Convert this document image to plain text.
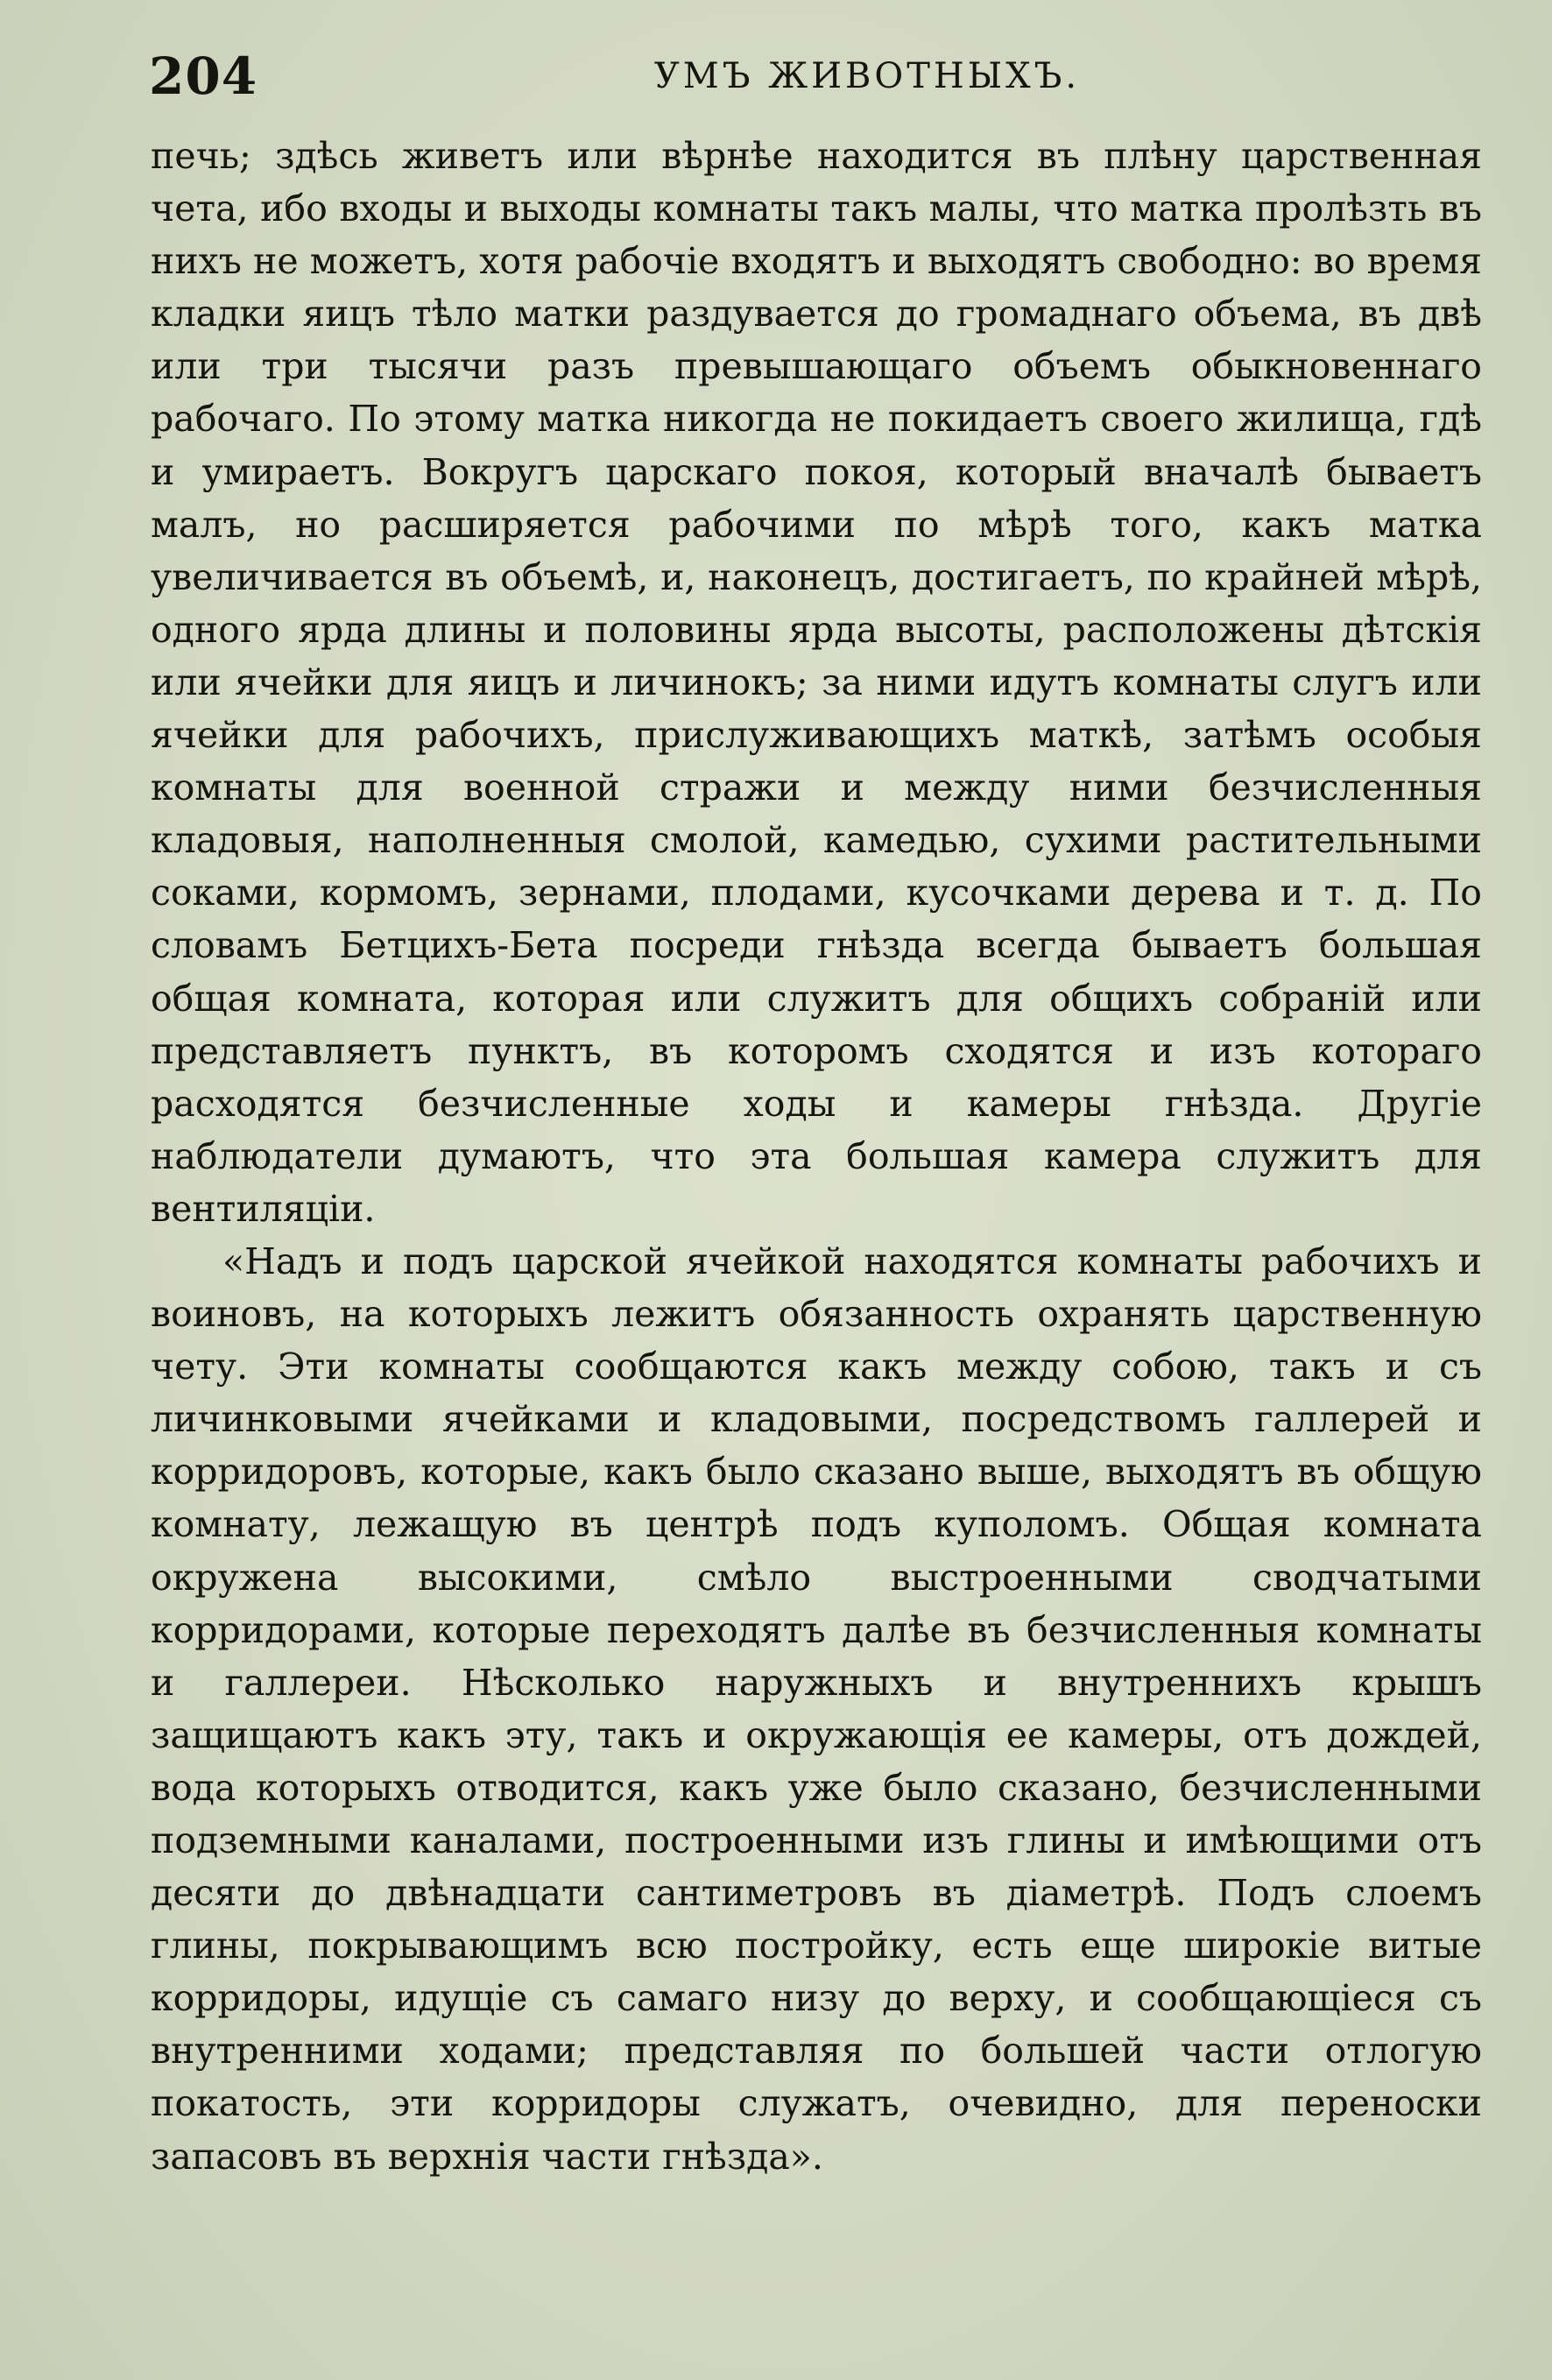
204	УМЪ ЖИВОТНЫХЪ.

печь; здѣсь живетъ или вѣрнѣе находится въ плѣну царственная чета, ибо входы и выходы комнаты такъ малы, что матка пролѣзть въ нихъ не можетъ, хотя рабочіе входятъ и выходятъ свободно: во время кладки яицъ тѣло матки раздувается до громаднаго объема, въ двѣ или три тысячи разъ превышающаго объемъ обыкновеннаго рабочаго. По этому матка никогда не покидаетъ своего жилища, гдѣ и умираетъ. Вокругъ царскаго покоя, который вначалѣ бываетъ малъ, но расширяется рабочими по мѣрѣ того, какъ матка увеличивается въ объемѣ, и, наконецъ, достигаетъ, по крайней мѣрѣ, одного ярда длины и половины ярда высоты, расположены дѣтскія или ячейки для яицъ и личинокъ; за ними идутъ комнаты слугъ или ячейки для рабочихъ, прислуживающихъ маткѣ, затѣмъ особыя комнаты для военной стражи и между ними безчисленныя кладовыя, наполненныя смолой, камедью, сухими растительными соками, кормомъ, зернами, плодами, кусочками дерева и т. д. По словамъ Бетцихъ-Бета посреди гнѣзда всегда бываетъ большая общая комната, которая или служитъ для общихъ собраній или представляетъ пунктъ, въ которомъ сходятся и изъ котораго расходятся безчисленные ходы и камеры гнѣзда. Другіе наблюдатели думаютъ, что эта большая камера служитъ для вентиляціи.

«Надъ и подъ царской ячейкой находятся комнаты рабочихъ и воиновъ, на которыхъ лежитъ обязанность охранять царственную чету. Эти комнаты сообщаются какъ между собою, такъ и съ личинковыми ячейками и кладовыми, посредствомъ галлерей и корридоровъ, которые, какъ было сказано выше, выходятъ въ общую комнату, лежащую въ центрѣ подъ куполомъ. Общая комната окружена высокими, смѣло выстроенными сводчатыми корридорами, которые переходятъ далѣе въ безчисленныя комнаты и галлереи. Нѣсколько наружныхъ и внутреннихъ крышъ защищаютъ какъ эту, такъ и окружающія ее камеры, отъ дождей, вода которыхъ отводится, какъ уже было сказано, безчисленными подземными каналами, построенными изъ глины и имѣющими отъ десяти до двѣнадцати сантиметровъ въ діаметрѣ. Подъ слоемъ глины, покрывающимъ всю постройку, есть еще широкіе витые корридоры, идущіе съ самаго низу до верху, и сообщающіеся съ внутренними ходами; представляя по большей части отлогую покатость, эти корридоры служатъ, очевидно, для переноски запасовъ въ верхнія части гнѣзда».
